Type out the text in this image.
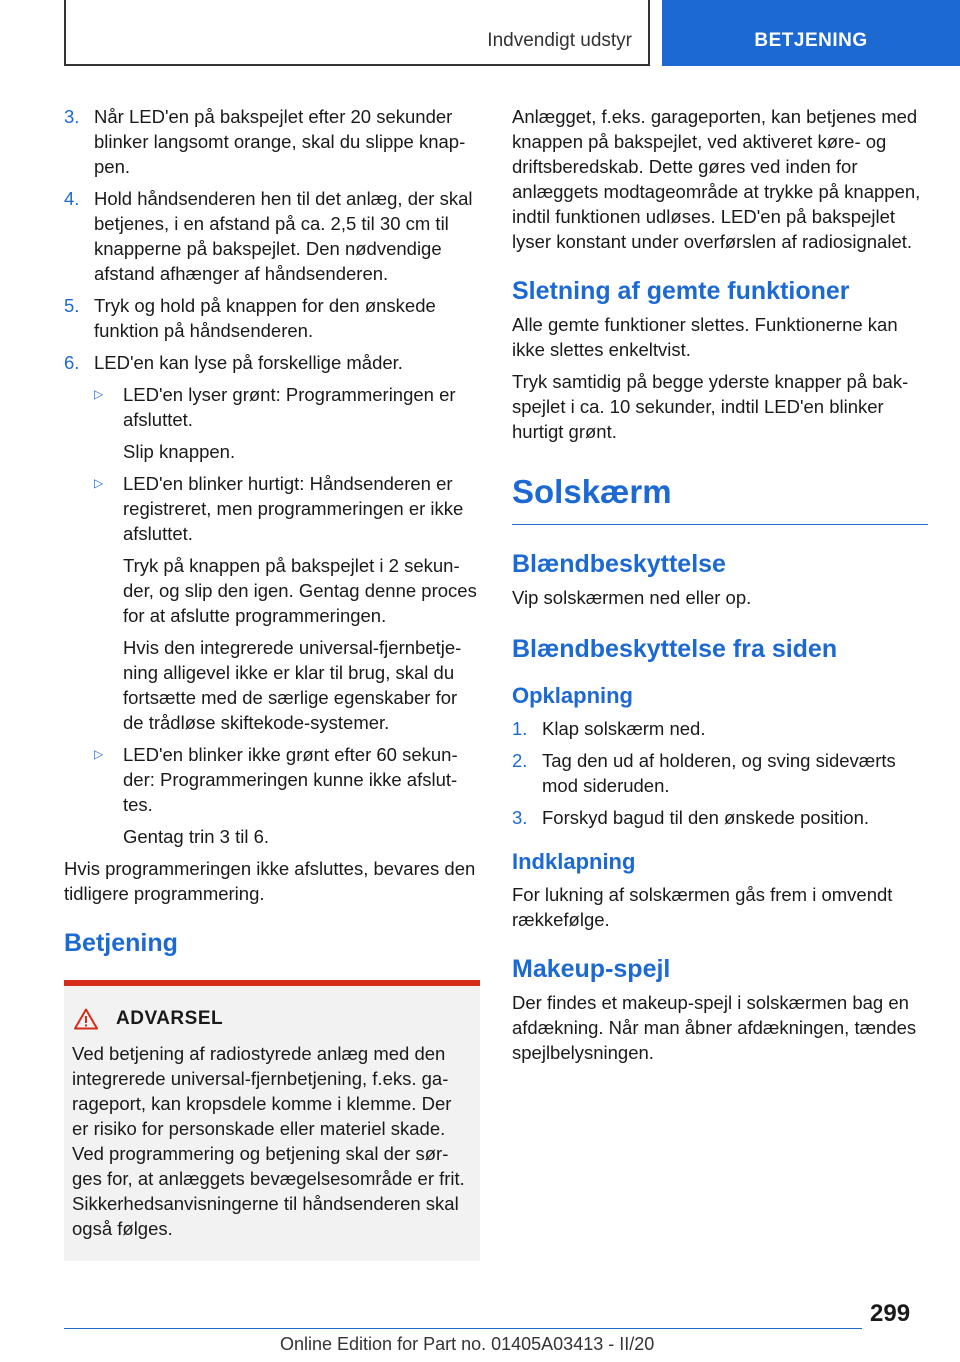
Indvendigt udstyr	BETJENING
3. Når LED'en på bakspejlet efter 20 sekunder blinker langsomt orange, skal du slippe knappen.
4. Hold håndsenderen hen til det anlæg, der skal betjenes, i en afstand på ca. 2,5 til 30 cm til knapperne på bakspejlet. Den nødvendige afstand afhænger af håndsenderen.
5. Tryk og hold på knappen for den ønskede funktion på håndsenderen.
6. LED'en kan lyse på forskellige måder.
▷	LED'en lyser grønt: Programmeringen er afsluttet.
Slip knappen.
▷	LED'en blinker hurtigt: Håndsenderen er registreret, men programmeringen er ikke afsluttet.
Tryk på knappen på bakspejlet i 2 sekunder, og slip den igen. Gentag denne proces for at afslutte programmeringen.
Hvis den integrerede universal-fjernbetjening alligevel ikke er klar til brug, skal du fortsætte med de særlige egenskaber for de trådløse skiftekode-systemer.
▷	LED'en blinker ikke grønt efter 60 sekunder: Programmeringen kunne ikke afsluttes.
Gentag trin 3 til 6.
Hvis programmeringen ikke afsluttes, bevares den tidligere programmering.
Betjening
ADVARSEL
Ved betjening af radiostyrede anlæg med den integrerede universal-fjernbetjening, f.eks. garageport, kan kropsdele komme i klemme. Der er risiko for personskade eller materiel skade.
Ved programmering og betjening skal der sørges for, at anlæggets bevægelsesområde er frit. Sikkerhedsanvisningerne til håndsenderen skal også følges.
Anlægget, f.eks. garageporten, kan betjenes med knappen på bakspejlet, ved aktiveret køre- og driftsberedskab. Dette gøres ved inden for anlæggets modtageområde at trykke på knappen, indtil funktionen udløses. LED'en på bakspejlet lyser konstant under overførslen af radiosignalet.
Sletning af gemte funktioner
Alle gemte funktioner slettes. Funktionerne kan ikke slettes enkeltvist.
Tryk samtidig på begge yderste knapper på bakspejlet i ca. 10 sekunder, indtil LED'en blinker hurtigt grønt.
Solskærm
Blændbeskyttelse
Vip solskærmen ned eller op.
Blændbeskyttelse fra siden
Opklapning
1. Klap solskærm ned.
2. Tag den ud af holderen, og sving sideværts mod sideruden.
3. Forskyd bagud til den ønskede position.
Indklapning
For lukning af solskærmen gås frem i omvendt rækkefølge.
Makeup-spejl
Der findes et makeup-spejl i solskærmen bag en afdækning. Når man åbner afdækningen, tændes spejlbelysningen.
299
Online Edition for Part no. 01405A03413 - II/20
